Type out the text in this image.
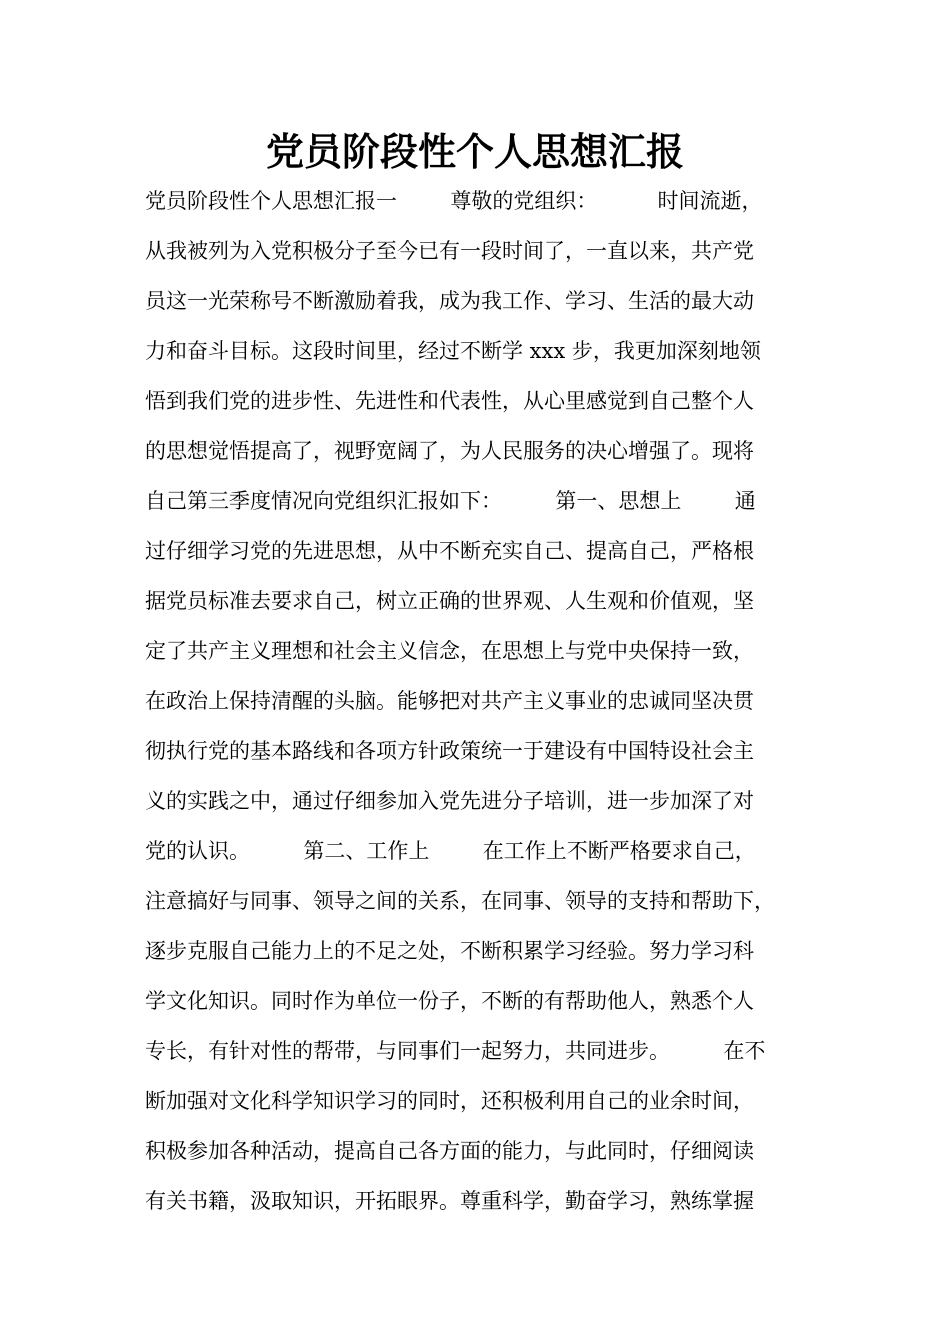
党员阶段性个人思想汇报

党员阶段性个人思想汇报一        尊敬的党组织：         时间流逝，

从我被列为入党积极分子至今已有一段时间了，一直以来，共产党

员这一光荣称号不断激励着我，成为我工作、学习、生活的最大动

力和奋斗目标。这段时间里，经过不断学 xxx 步，我更加深刻地领

悟到我们党的进步性、先进性和代表性，从心里感觉到自己整个人

的思想觉悟提高了，视野宽阔了，为人民服务的决心增强了。现将

自己第三季度情况向党组织汇报如下：        第一、思想上        通

过仔细学习党的先进思想，从中不断充实自己、提高自己，严格根

据党员标准去要求自己，树立正确的世界观、人生观和价值观，坚

定了共产主义理想和社会主义信念，在思想上与党中央保持一致，

在政治上保持清醒的头脑。能够把对共产主义事业的忠诚同坚决贯

彻执行党的基本路线和各项方针政策统一于建设有中国特设社会主

义的实践之中，通过仔细参加入党先进分子培训，进一步加深了对

党的认识。        第二、工作上        在工作上不断严格要求自己，

注意搞好与同事、领导之间的关系，在同事、领导的支持和帮助下，

逐步克服自己能力上的不足之处，不断积累学习经验。努力学习科

学文化知识。同时作为单位一份子，不断的有帮助他人，熟悉个人

专长，有针对性的帮带，与同事们一起努力，共同进步。        在不

断加强对文化科学知识学习的同时，还积极利用自己的业余时间，

积极参加各种活动，提高自己各方面的能力，与此同时，仔细阅读

有关书籍，汲取知识，开拓眼界。尊重科学，勤奋学习，熟练掌握
